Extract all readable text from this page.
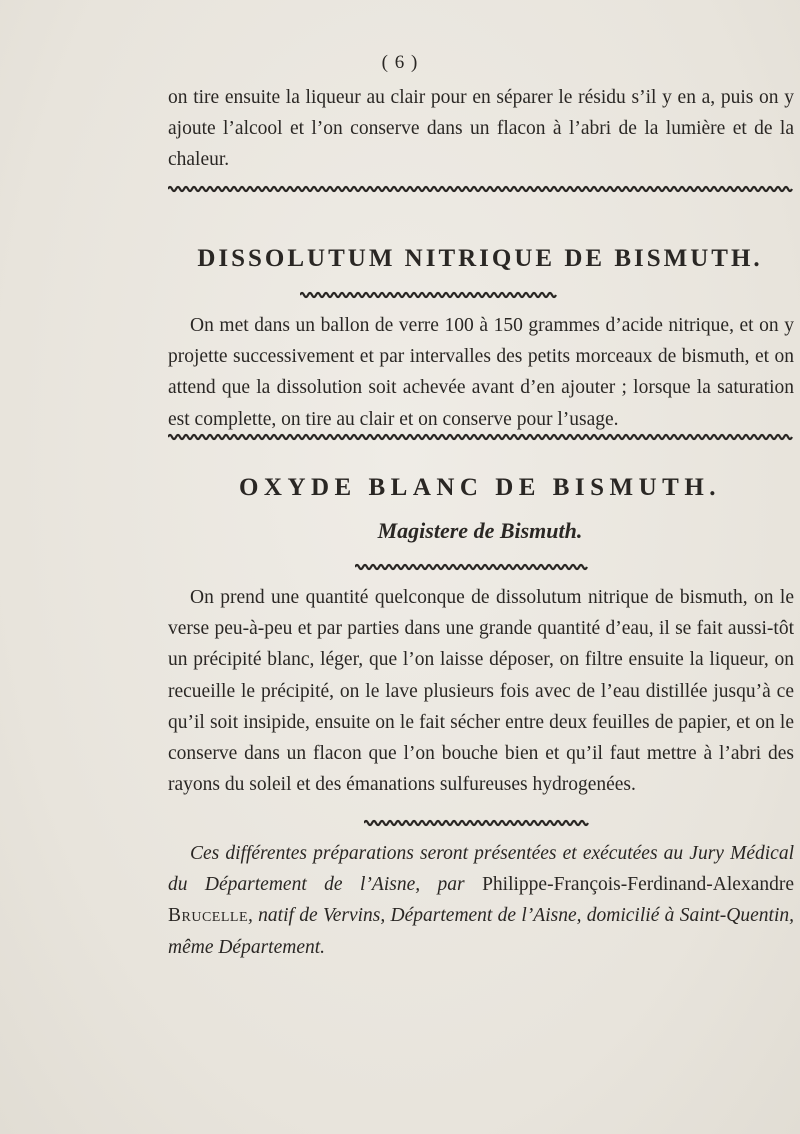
( 6 )

on tire ensuite la liqueur au clair pour en séparer le résidu s’il y en a, puis on y ajoute l’alcool et l’on conserve dans un flacon à l’abri de la lumière et de la chaleur.

DISSOLUTUM NITRIQUE DE BISMUTH.

On met dans un ballon de verre 100 à 150 grammes d’acide nitrique, et on y projette successivement et par intervalles des petits morceaux de bismuth, et on attend que la dissolution soit achevée avant d’en ajouter ; lorsque la saturation est complette, on tire au clair et on conserve pour l’usage.

OXYDE BLANC DE BISMUTH.
Magistere de Bismuth.

On prend une quantité quelconque de dissolutum nitrique de bismuth, on le verse peu-à-peu et par parties dans une grande quantité d’eau, il se fait aussi-tôt un précipité blanc, léger, que l’on laisse déposer, on filtre ensuite la liqueur, on recueille le précipité, on le lave plusieurs fois avec de l’eau distillée jusqu’à ce qu’il soit insipide, ensuite on le fait sécher entre deux feuilles de papier, et on le conserve dans un flacon que l’on bouche bien et qu’il faut mettre à l’abri des rayons du soleil et des émanations sulfureuses hydrogenées.

Ces différentes préparations seront présentées et exécutées au Jury Médical du Département de l’Aisne, par Philippe-François-Ferdinand-Alexandre Brucelle, natif de Vervins, Département de l’Aisne, domicilié à Saint-Quentin, même Département.
